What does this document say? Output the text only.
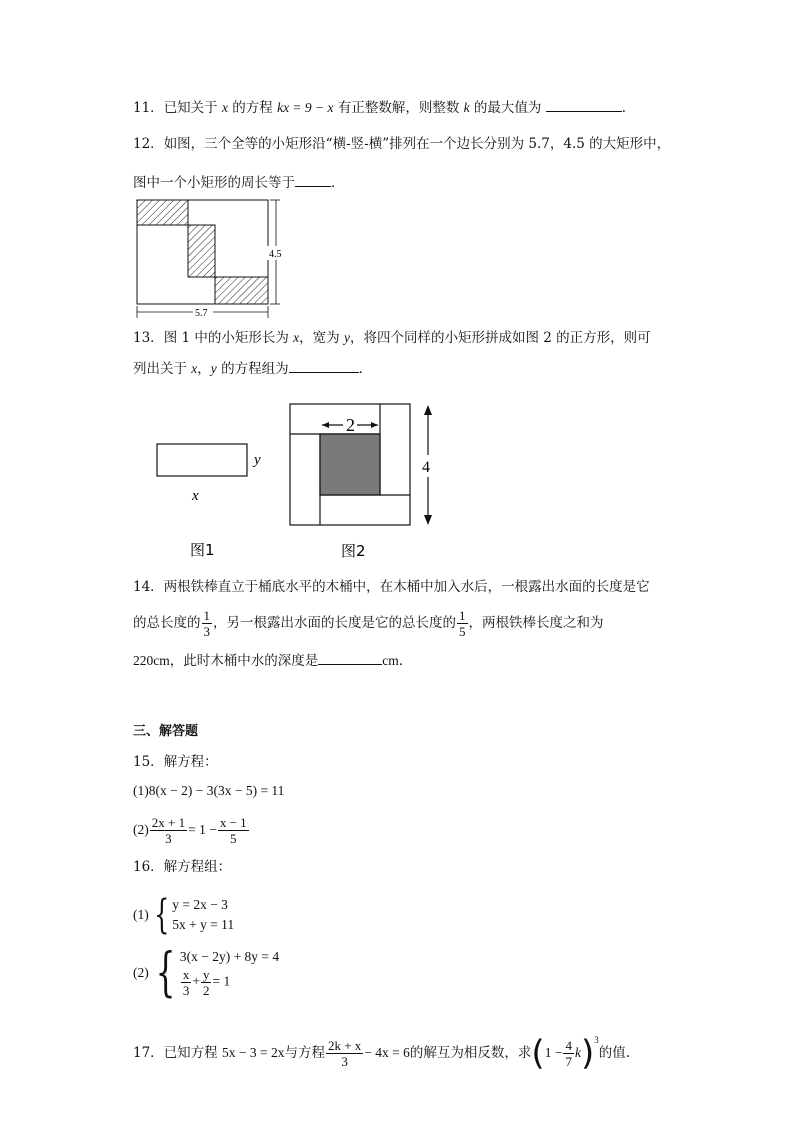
11．已知关于 x 的方程 kx = 9 − x 有正整数解，则整数 k 的最大值为	．
12．如图，三个全等的小矩形沿“横-竖-横”排列在一个边长分别为 5.7，4.5 的大矩形中，
图中一个小矩形的周长等于	．
4.5
5.7
13．图 1 中的小矩形长为 x，宽为 y，将四个同样的小矩形拼成如图 2 的正方形，则可
列出关于 x，y 的方程组为	．
y
x
图1
2
4
图2
14．两根铁棒直立于桶底水平的木桶中，在木桶中加入水后，一根露出水面的长度是它
的总长度的 $\frac{1}{3}$ ，另一根露出水面的长度是它的总长度的 $\frac{1}{5}$ ，两根铁棒长度之和为
220cm，此时木桶中水的深度是	cm．
三、解答题
15．解方程：
(1)8(x − 2) − 3(3x − 5) = 11
$(2) \frac{2x + 1}{3} = 1 - \frac{x - 1}{5}$
16．解方程组：
(1) { y = 2x − 3
5x + y = 11
(2) { 3(x − 2y) + 8y = 4
$\frac{x}{3} + \frac{y}{2} = 1$
17．已知方程 5x − 3 = 2x与方程 $\frac{2k + x}{3} - 4x = 6$的解互为相反数，求$(1 - \frac{4}{7} k)^3$的值.
